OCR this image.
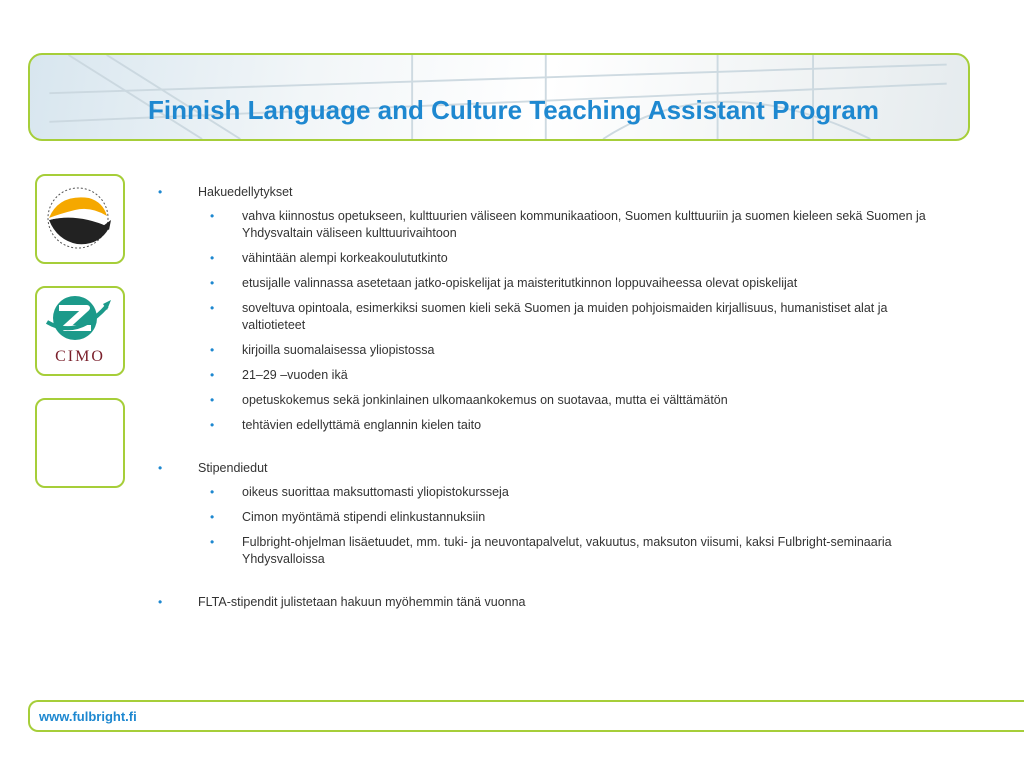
Finnish Language and Culture Teaching Assistant Program
CIMO
•	Hakuedellytykset
• vahva kiinnostus opetukseen, kulttuurien väliseen kommunikaatioon, Suomen kulttuuriin ja suomen kieleen sekä Suomen ja Yhdysvaltain väliseen kulttuurivaihtoon
• vähintään alempi korkeakoulututkinto
• etusijalle valinnassa asetetaan jatko-opiskelijat ja maisteritutkinnon loppuvaiheessa olevat opiskelijat
• soveltuva opintoala, esimerkiksi suomen kieli sekä Suomen ja muiden pohjoismaiden kirjallisuus, humanistiset alat ja valtiotieteet
• kirjoilla suomalaisessa yliopistossa
• 21–29 –vuoden ikä
• opetuskokemus sekä jonkinlainen ulkomaankokemus on suotavaa, mutta ei välttämätön
• tehtävien edellyttämä englannin kielen taito
•	Stipendiedut
• oikeus suorittaa maksuttomasti yliopistokursseja
• Cimon myöntämä stipendi elinkustannuksiin
• Fulbright-ohjelman lisäetuudet, mm. tuki- ja neuvontapalvelut, vakuutus, maksuton viisumi, kaksi Fulbright-seminaaria Yhdysvalloissa
•	FLTA-stipendit julistetaan hakuun myöhemmin tänä vuonna
www.fulbright.fi
